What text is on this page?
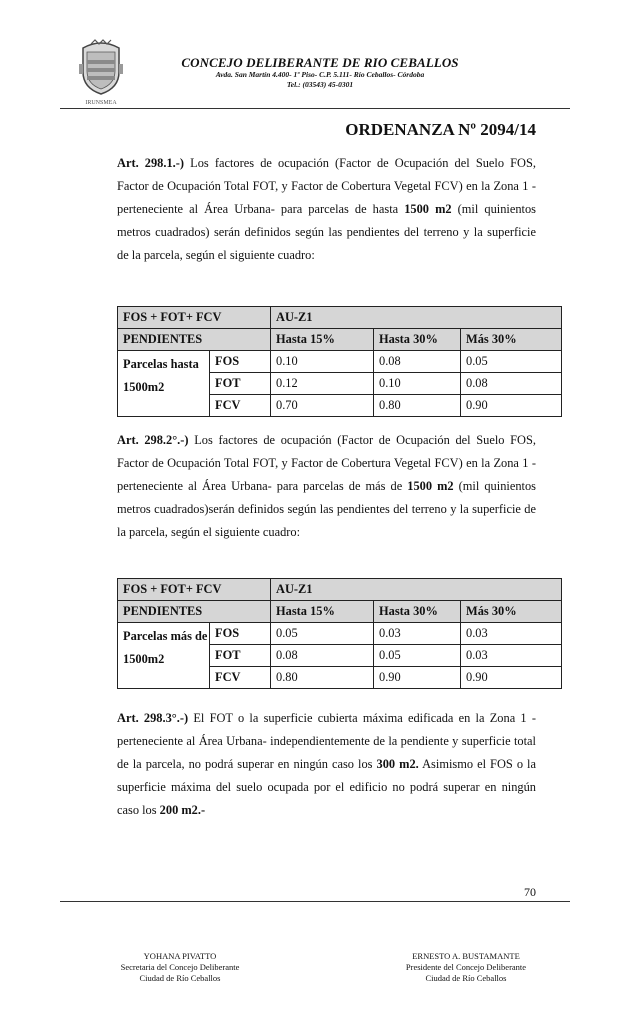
IRUNSMEA
CONCEJO DELIBERANTE DE RIO CEBALLOS
Avda. San Martín 4.400- 1º Piso- C.P. 5.111- Río Ceballos- Córdoba
Tel.: (03543) 45-0301
ORDENANZA Nº 2094/14

Art. 298.1.-) Los factores de ocupación (Factor de Ocupación del Suelo FOS, Factor de Ocupación Total FOT, y Factor de Cobertura Vegetal FCV) en la Zona 1 -perteneciente al Área Urbana- para parcelas de hasta 1500 m2 (mil quinientos metros cuadrados) serán definidos según las pendientes del terreno y la superficie de la parcela, según el siguiente cuadro:

FOS + FOT+ FCV		AU-Z1		
PENDIENTES		Hasta 15%	Hasta 30%	Más 30%
Parcelas hasta
1500m2	FOS	0.10	0.08	0.05
	FOT	0.12	0.10	0.08
	FCV	0.70	0.80	0.90

Art. 298.2°.-) Los factores de ocupación (Factor de Ocupación del Suelo FOS, Factor de Ocupación Total FOT, y Factor de Cobertura Vegetal FCV) en la Zona 1 -perteneciente al Área Urbana- para parcelas de más de 1500 m2 (mil quinientos metros cuadrados)serán definidos según las pendientes del terreno y la superficie de la parcela, según el siguiente cuadro:

FOS + FOT+ FCV		AU-Z1		
PENDIENTES		Hasta 15%	Hasta 30%	Más 30%
Parcelas más de
1500m2	FOS	0.05	0.03	0.03
	FOT	0.08	0.05	0.03
	FCV	0.80	0.90	0.90

Art. 298.3°.-) El FOT o la superficie cubierta máxima edificada en la Zona 1 -perteneciente al Área Urbana- independientemente de la pendiente y superficie total de la parcela, no podrá superar en ningún caso los 300 m2. Asimismo el FOS o la superficie máxima del suelo ocupada por el edificio no podrá superar en ningún caso los 200 m2.-

70
YOHANA PIVATTO
Secretaria del Concejo Deliberante
Ciudad de Río Ceballos
ERNESTO A. BUSTAMANTE
Presidente del Concejo Deliberante
Ciudad de Río Ceballos
